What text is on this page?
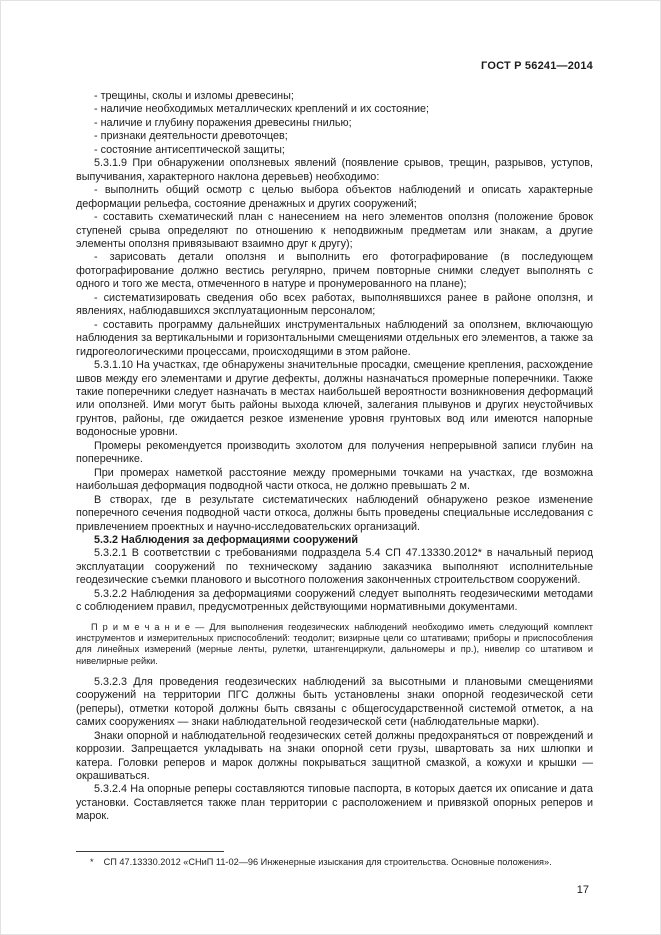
ГОСТ Р 56241—2014

- трещины, сколы и изломы древесины;

- наличие необходимых металлических креплений и их состояние;

- наличие и глубину поражения древесины гнилью;

- признаки деятельности древоточцев;

- состояние антисептической защиты;

5.3.1.9 При обнаружении оползневых явлений (появление срывов, трещин, разрывов, уступов, выпучивания, характерного наклона деревьев) необходимо:

- выполнить общий осмотр с целью выбора объектов наблюдений и описать характерные деформации рельефа, состояние дренажных и других сооружений;

- составить схематический план с нанесением на него элементов оползня (положение бровок ступеней срыва определяют по отношению к неподвижным предметам или знакам, а другие элементы оползня привязывают взаимно друг к другу);

- зарисовать детали оползня и выполнить его фотографирование (в последующем фотографирование должно вестись регулярно, причем повторные снимки следует выполнять с одного и того же места, отмеченного в натуре и пронумерованного на плане);

- систематизировать сведения обо всех работах, выполнявшихся ранее в районе оползня, и явлениях, наблюдавшихся эксплуатационным персоналом;

- составить программу дальнейших инструментальных наблюдений за оползнем, включающую наблюдения за вертикальными и горизонтальными смещениями отдельных его элементов, а также за гидрогеологическими процессами, происходящими в этом районе.

5.3.1.10 На участках, где обнаружены значительные просадки, смещение крепления, расхождение швов между его элементами и другие дефекты, должны назначаться промерные поперечники. Также такие поперечники следует назначать в местах наибольшей вероятности возникновения деформаций или оползней. Ими могут быть районы выхода ключей, залегания плывунов и других неустойчивых грунтов, районы, где ожидается резкое изменение уровня грунтовых вод или имеются напорные водоносные уровни.

Промеры рекомендуется производить эхолотом для получения непрерывной записи глубин на поперечнике.

При промерах наметкой расстояние между промерными точками на участках, где возможна наибольшая деформация подводной части откоса, не должно превышать 2 м.

В створах, где в результате систематических наблюдений обнаружено резкое изменение поперечного сечения подводной части откоса, должны быть проведены специальные исследования с привлечением проектных и научно-исследовательских организаций.

5.3.2 Наблюдения за деформациями сооружений

5.3.2.1 В соответствии с требованиями подраздела 5.4 СП 47.13330.2012* в начальный период эксплуатации сооружений по техническому заданию заказчика выполняют исполнительные геодезические съемки планового и высотного положения законченных строительством сооружений.

5.3.2.2 Наблюдения за деформациями сооружений следует выполнять геодезическими методами с соблюдением правил, предусмотренных действующими нормативными документами.

П р и м е ч а н и е — Для выполнения геодезических наблюдений необходимо иметь следующий комплект инструментов и измерительных приспособлений: теодолит; визирные цели со штативами; приборы и приспособления для линейных измерений (мерные ленты, рулетки, штангенциркули, дальномеры и пр.), нивелир со штативом и нивелирные рейки.

5.3.2.3 Для проведения геодезических наблюдений за высотными и плановыми смещениями сооружений на территории ПГС должны быть установлены знаки опорной геодезической сети (реперы), отметки которой должны быть связаны с общегосударственной системой отметок, а на самих сооружениях — знаки наблюдательной геодезической сети (наблюдательные марки).

Знаки опорной и наблюдательной геодезических сетей должны предохраняться от повреждений и коррозии. Запрещается укладывать на знаки опорной сети грузы, швартовать за них шлюпки и катера. Головки реперов и марок должны покрываться защитной смазкой, а кожухи и крышки — окрашиваться.

5.3.2.4 На опорные реперы составляются типовые паспорта, в которых дается их описание и дата установки. Составляется также план территории с расположением и привязкой опорных реперов и марок.

* СП 47.13330.2012 «СНиП 11-02—96 Инженерные изыскания для строительства. Основные положения».

17
